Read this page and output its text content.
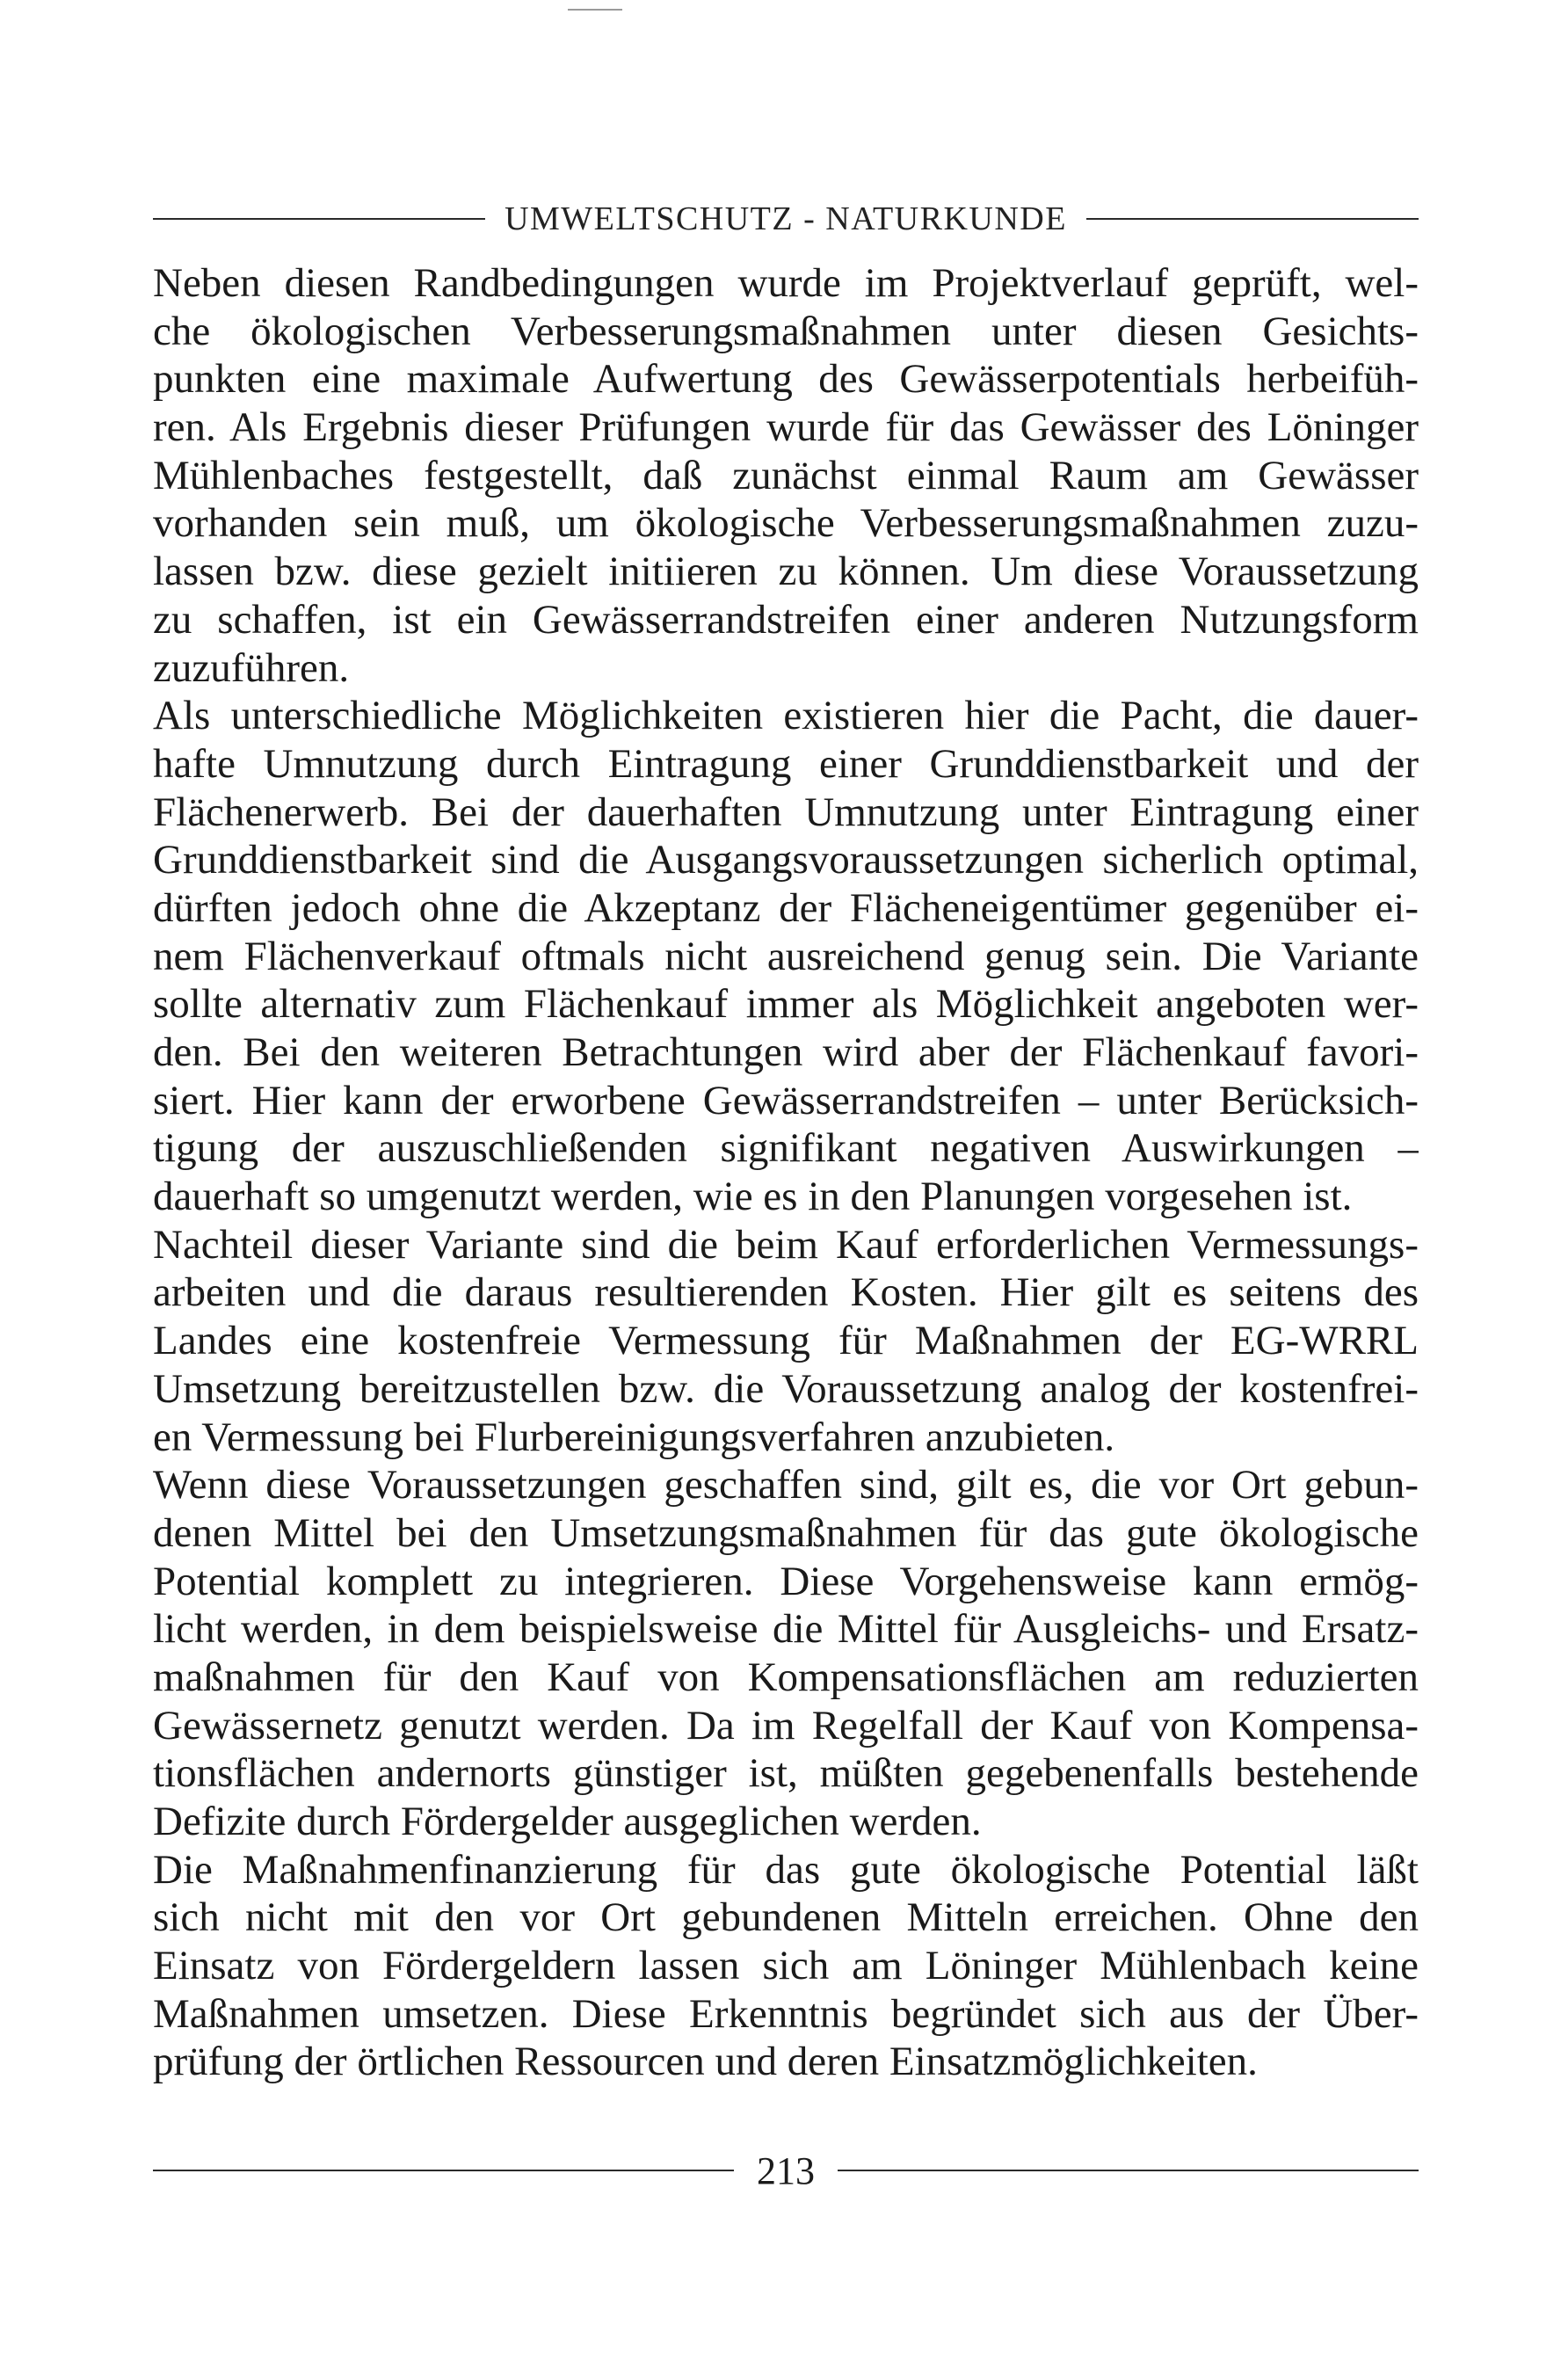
UMWELTSCHUTZ - NATURKUNDE
Neben diesen Randbedingungen wurde im Projektverlauf geprüft, wel-
che ökologischen Verbesserungsmaßnahmen unter diesen Gesichts-
punkten eine maximale Aufwertung des Gewässerpotentials herbeifüh-
ren. Als Ergebnis dieser Prüfungen wurde für das Gewässer des Löninger
Mühlenbaches festgestellt, daß zunächst einmal Raum am Gewässer
vorhanden sein muß, um ökologische Verbesserungsmaßnahmen zuzu-
lassen bzw. diese gezielt initiieren zu können. Um diese Voraussetzung
zu schaffen, ist ein Gewässerrandstreifen einer anderen Nutzungsform
zuzuführen.
Als unterschiedliche Möglichkeiten existieren hier die Pacht, die dauer-
hafte Umnutzung durch Eintragung einer Grunddienstbarkeit und der
Flächenerwerb. Bei der dauerhaften Umnutzung unter Eintragung einer
Grunddienstbarkeit sind die Ausgangsvoraussetzungen sicherlich optimal,
dürften jedoch ohne die Akzeptanz der Flächeneigentümer gegenüber ei-
nem Flächenverkauf oftmals nicht ausreichend genug sein. Die Variante
sollte alternativ zum Flächenkauf immer als Möglichkeit angeboten wer-
den. Bei den weiteren Betrachtungen wird aber der Flächenkauf favori-
siert. Hier kann der erworbene Gewässerrandstreifen – unter Berücksich-
tigung der auszuschließenden signifikant negativen Auswirkungen –
dauerhaft so umgenutzt werden, wie es in den Planungen vorgesehen ist.
Nachteil dieser Variante sind die beim Kauf erforderlichen Vermessungs-
arbeiten und die daraus resultierenden Kosten. Hier gilt es seitens des
Landes eine kostenfreie Vermessung für Maßnahmen der EG-WRRL
Umsetzung bereitzustellen bzw. die Voraussetzung analog der kostenfrei-
en Vermessung bei Flurbereinigungsverfahren anzubieten.
Wenn diese Voraussetzungen geschaffen sind, gilt es, die vor Ort gebun-
denen Mittel bei den Umsetzungsmaßnahmen für das gute ökologische
Potential komplett zu integrieren. Diese Vorgehensweise kann ermög-
licht werden, in dem beispielsweise die Mittel für Ausgleichs- und Ersatz-
maßnahmen für den Kauf von Kompensationsflächen am reduzierten
Gewässernetz genutzt werden. Da im Regelfall der Kauf von Kompensa-
tionsflächen andernorts günstiger ist, müßten gegebenenfalls bestehende
Defizite durch Fördergelder ausgeglichen werden.
Die Maßnahmenfinanzierung für das gute ökologische Potential läßt
sich nicht mit den vor Ort gebundenen Mitteln erreichen. Ohne den
Einsatz von Fördergeldern lassen sich am Löninger Mühlenbach keine
Maßnahmen umsetzen. Diese Erkenntnis begründet sich aus der Über-
prüfung der örtlichen Ressourcen und deren Einsatzmöglichkeiten.
213
